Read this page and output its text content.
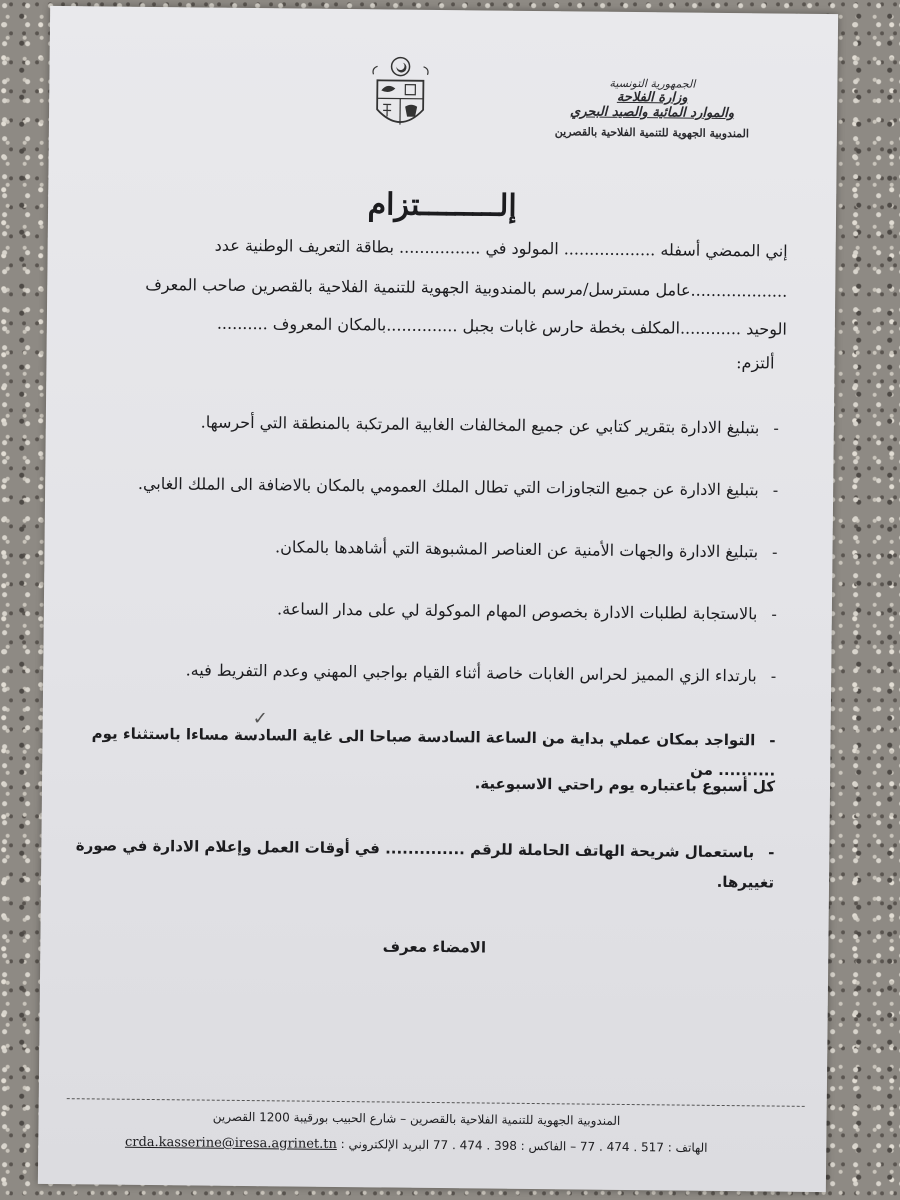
الجمهورية التونسية
وزارة الفلاحة
والموارد المائية والصيد البحري
المندوبية الجهوية للتنمية الفلاحية بالقصرين
إلـــــــــتزام
إني الممضي أسفله .................. المولود في ................ بطاقة التعريف الوطنية عدد
...................عامل مسترسل/مرسم بالمندوبية الجهوية للتنمية الفلاحية بالقصرين صاحب المعرف
الوحيد ............المكلف بخطة حارس غابات بجبل ..............بالمكان المعروف ..........
ألتزم:
-بتبليغ الادارة بتقرير كتابي عن جميع المخالفات الغابية المرتكبة بالمنطقة التي أحرسها.
-بتبليغ الادارة عن جميع التجاوزات التي تطال الملك العمومي بالمكان بالاضافة الى الملك الغابي.
-بتبليغ الادارة والجهات الأمنية عن العناصر المشبوهة التي أشاهدها بالمكان.
-بالاستجابة لطلبات الادارة بخصوص المهام الموكولة لي على مدار الساعة.
-بارتداء الزي المميز لحراس الغابات خاصة أثناء القيام بواجبي المهني وعدم التفريط فيه.
-التواجد بمكان عملي بداية من الساعة السادسة صباحا الى غاية السادسة مساءا باستثناء يوم .......... من
كل أسبوع باعتباره يوم راحتي الاسبوعية.
-باستعمال شريحة الهاتف الحاملة للرقم .............. في أوقات العمل وإعلام الادارة في صورة تغييرها.
✓
الامضاء معرف
المندوبية الجهوية للتنمية الفلاحية بالقصرين – شارع الحبيب بورقيبة 1200 القصرين
الهاتف : 517 . 474 . 77 – الفاكس : 398 . 474 . 77 البريد الإلكتروني : crda.kasserine@iresa.agrinet.tn
